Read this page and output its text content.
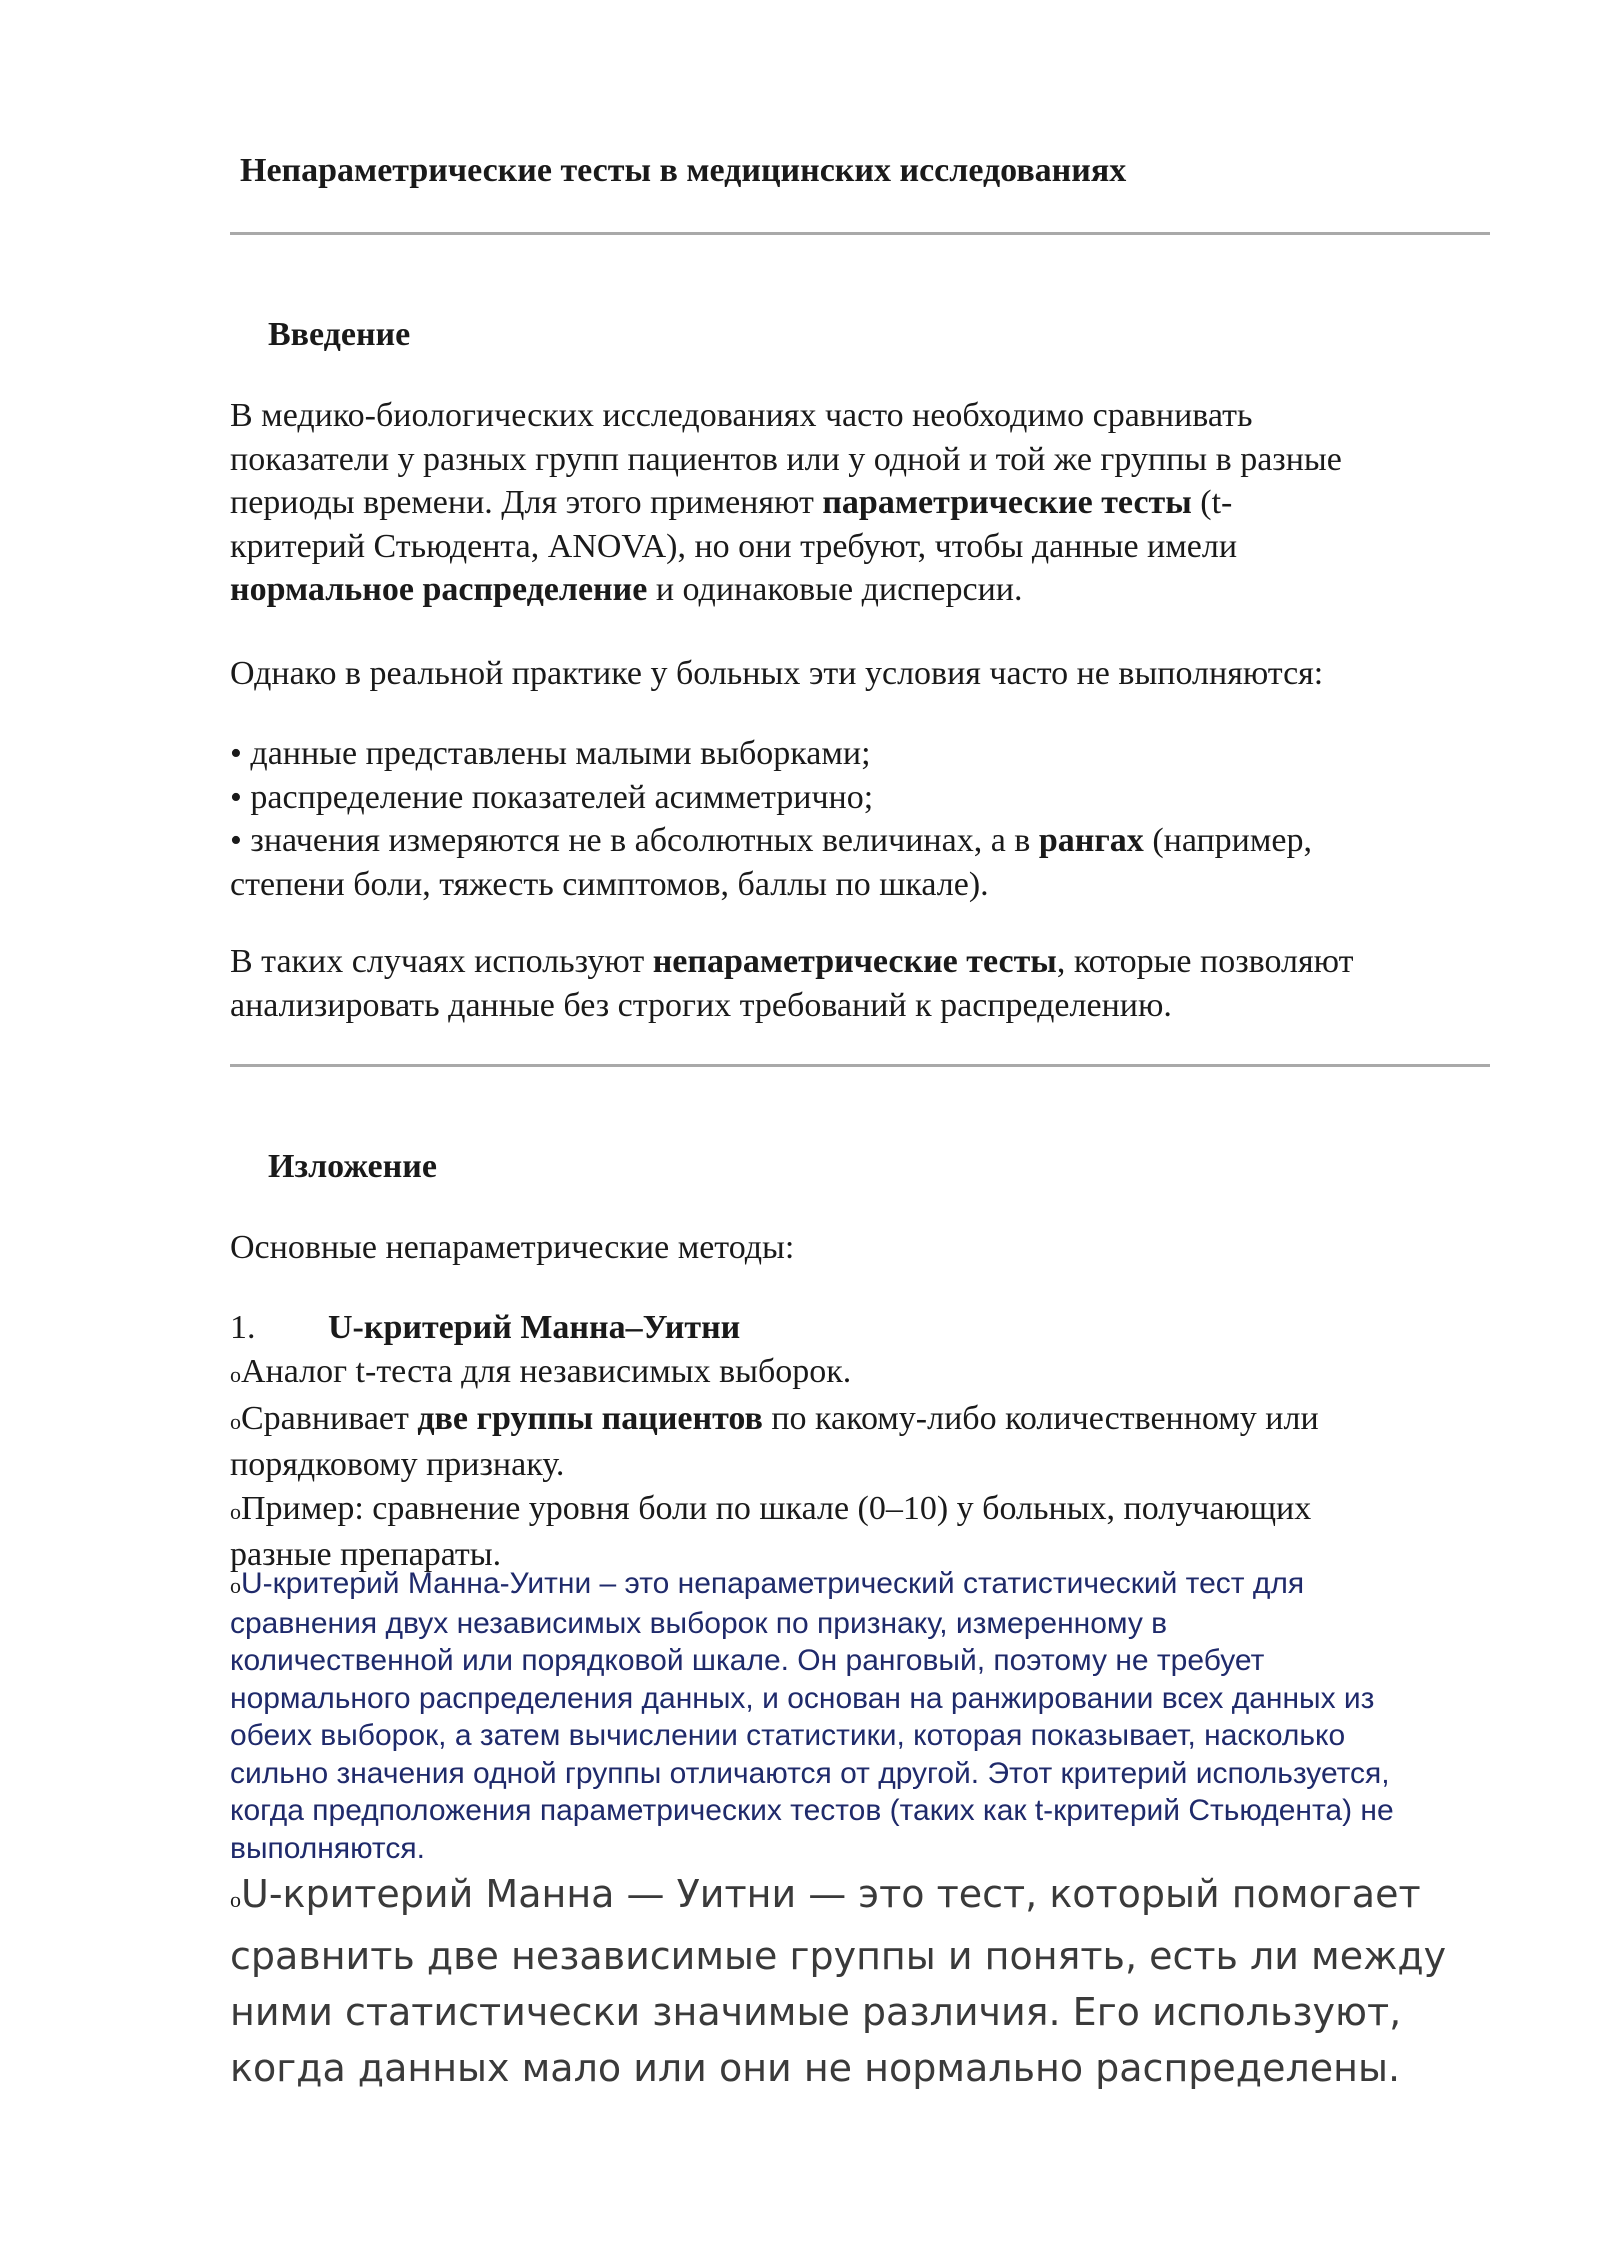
Непараметрические тесты в медицинских исследованиях
Введение

В медико-биологических исследованиях часто необходимо сравнивать
показатели у разных групп пациентов или у одной и той же группы в разные
периоды времени. Для этого применяют параметрические тесты (t-
критерий Стьюдента, ANOVA), но они требуют, чтобы данные имели
нормальное распределение и одинаковые дисперсии.

Однако в реальной практике у больных эти условия часто не выполняются:

• данные представлены малыми выборками;
• распределение показателей асимметрично;
• значения измеряются не в абсолютных величинах, а в рангах (например,
степени боли, тяжесть симптомов, баллы по шкале).

В таких случаях используют непараметрические тесты, которые позволяют
анализировать данные без строгих требований к распределению.

Изложение

Основные непараметрические методы:

1. U-критерий Манна–Уитни
oАналог t-теста для независимых выборок.
oСравнивает две группы пациентов по какому-либо количественному или
порядковому признаку.
oПример: сравнение уровня боли по шкале (0–10) у больных, получающих
разные препараты.
oU-критерий Манна-Уитни – это непараметрический статистический тест для
сравнения двух независимых выборок по признаку, измеренному в
количественной или порядковой шкале. Он ранговый, поэтому не требует
нормального распределения данных, и основан на ранжировании всех данных из
обеих выборок, а затем вычислении статистики, которая показывает, насколько
сильно значения одной группы отличаются от другой. Этот критерий используется,
когда предположения параметрических тестов (таких как t-критерий Стьюдента) не
выполняются.
oU-критерий Манна — Уитни — это тест, который помогает
сравнить две независимые группы и понять, есть ли между
ними статистически значимые различия. Его используют,
когда данных мало или они не нормально распределены.
